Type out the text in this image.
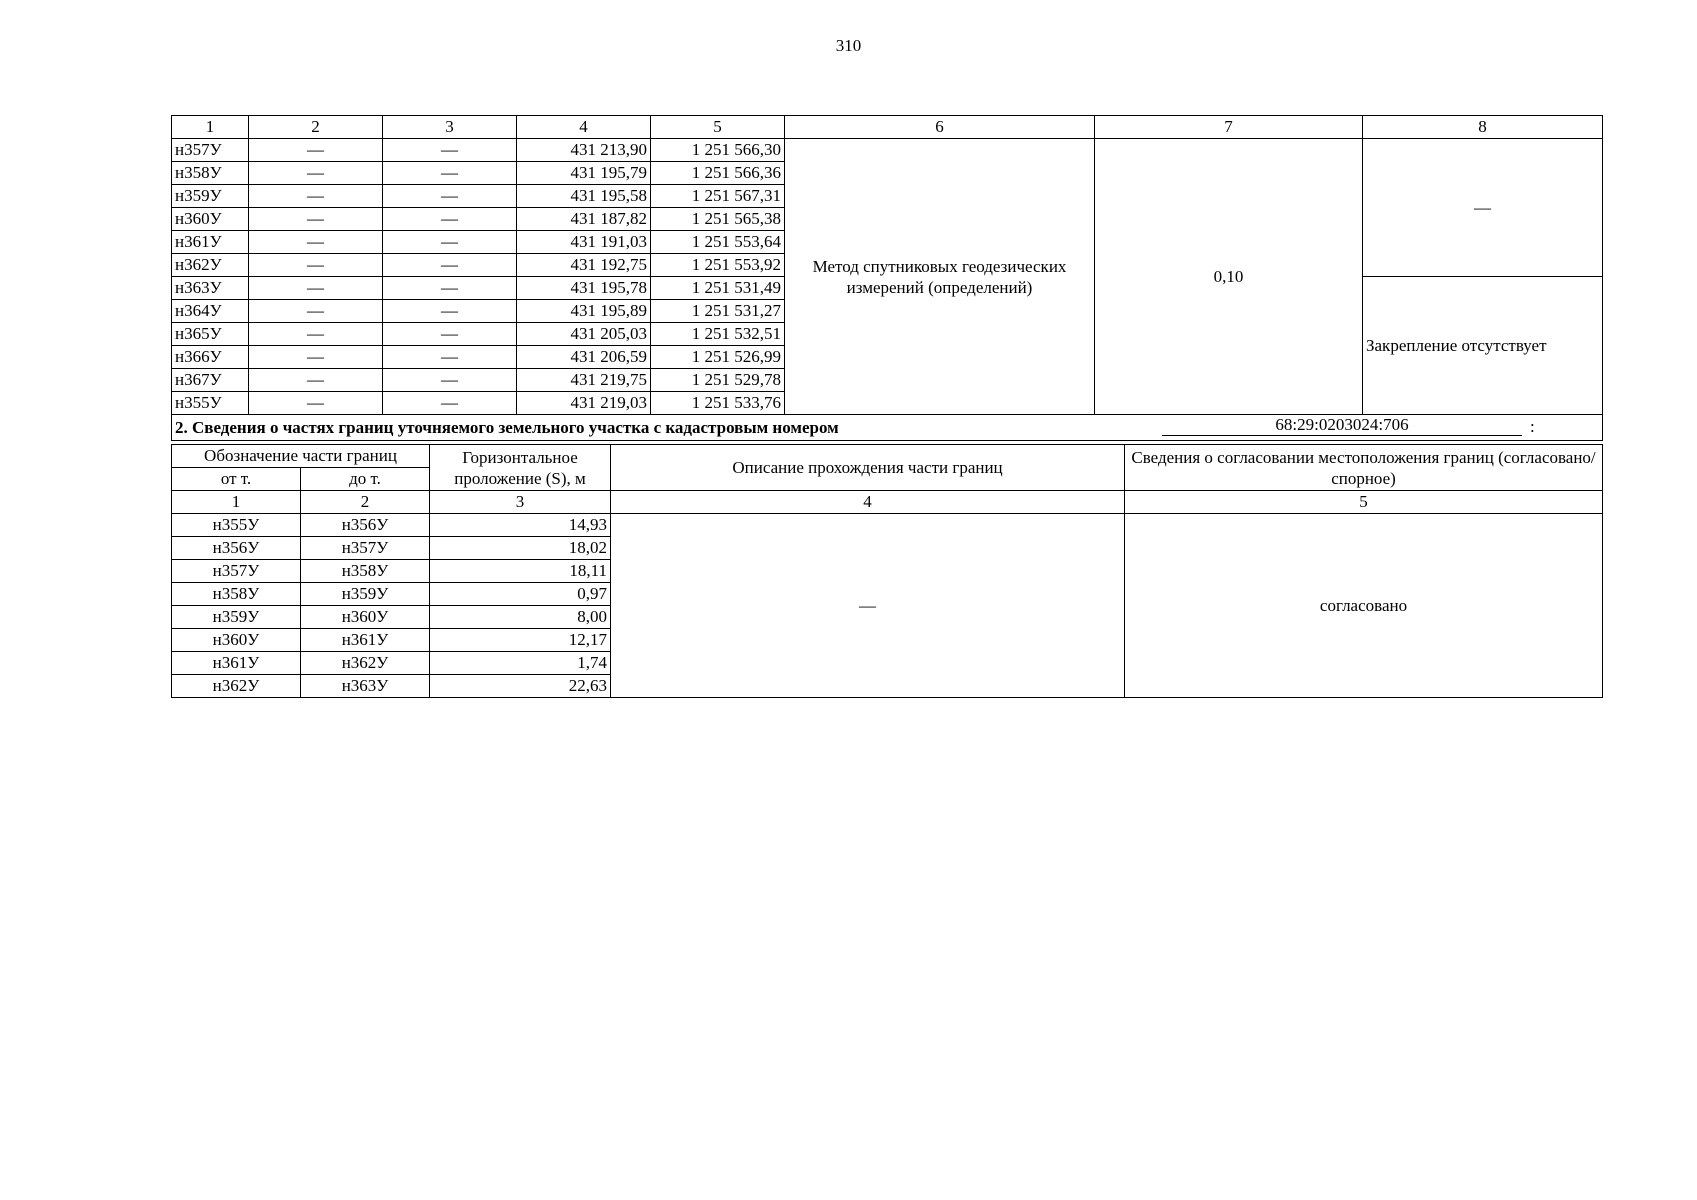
310
1	2	3	4	5	6	7	8
н357У	—	—	431 213,90	1 251 566,30	Метод спутниковых геодезических измерений (определений)	0,10	—
н358У	—	—	431 195,79	1 251 566,36			
н359У	—	—	431 195,58	1 251 567,31			
н360У	—	—	431 187,82	1 251 565,38			
н361У	—	—	431 191,03	1 251 553,64			
н362У	—	—	431 192,75	1 251 553,92			
н363У	—	—	431 195,78	1 251 531,49			Закрепление отсутствует
н364У	—	—	431 195,89	1 251 531,27			
н365У	—	—	431 205,03	1 251 532,51			
н366У	—	—	431 206,59	1 251 526,99			
н367У	—	—	431 219,75	1 251 529,78			
н355У	—	—	431 219,03	1 251 533,76			
2. Сведения о частях границ уточняемого земельного участка с кадастровым номером 68:29:0203024:706 :							
Обозначение части границ		Горизонтальное проложение (S), м	Описание прохождения части границ	Сведения о согласовании местоположения границ (согласовано/спорное)
от т.	до т.			
1	2	3	4	5
н355У	н356У	14,93	—	согласовано
н356У	н357У	18,02		
н357У	н358У	18,11		
н358У	н359У	0,97		
н359У	н360У	8,00		
н360У	н361У	12,17		
н361У	н362У	1,74		
н362У	н363У	22,63		
